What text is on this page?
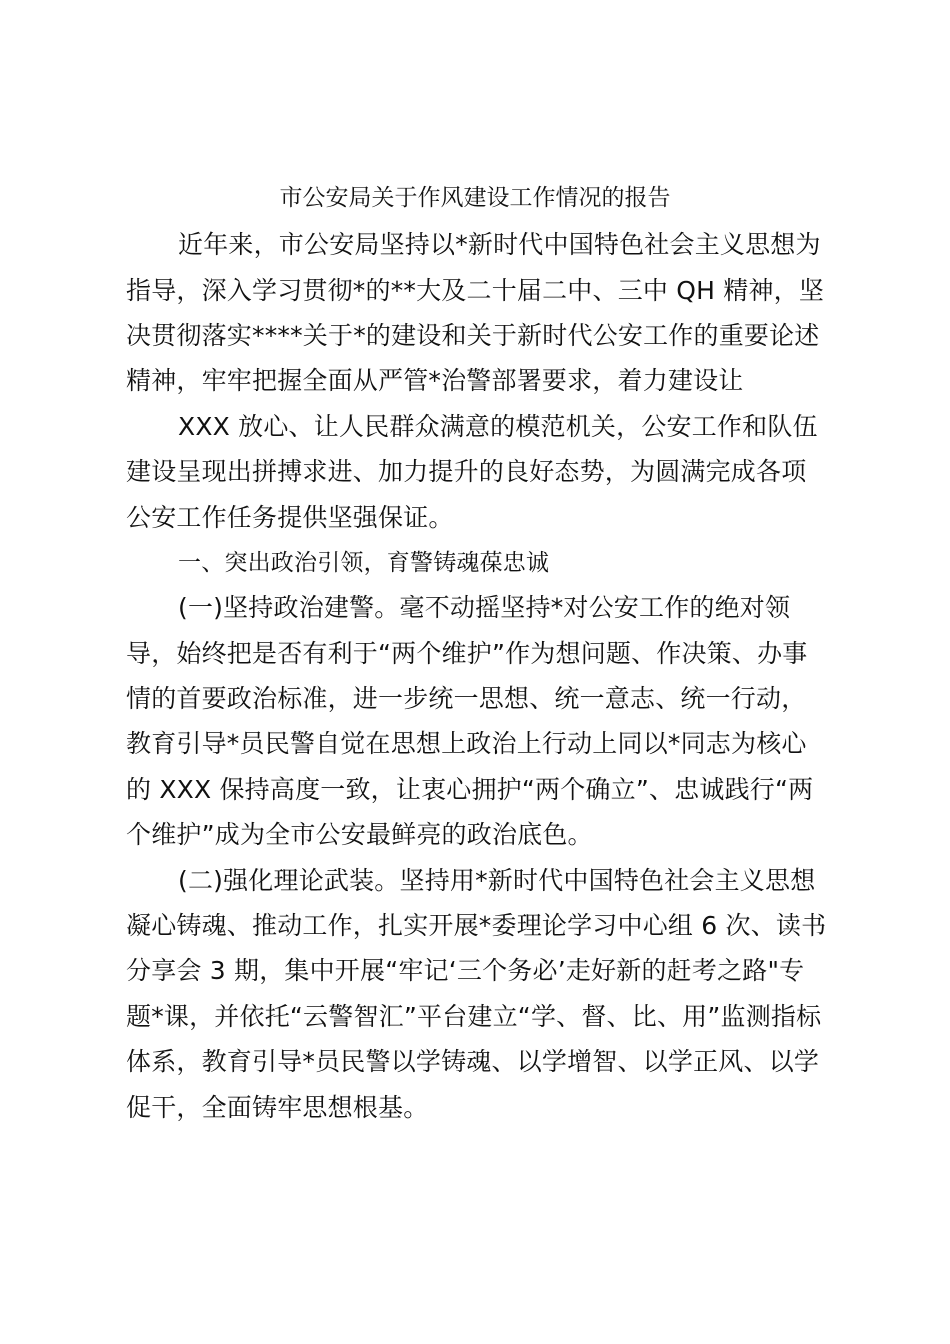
市公安局关于作风建设工作情况的报告
近年来，市公安局坚持以*新时代中国特色社会主义思想为
指导，深入学习贯彻*的**大及二十届二中、三中 QH 精神，坚
决贯彻落实****关于*的建设和关于新时代公安工作的重要论述
精神，牢牢把握全面从严管*治警部署要求，着力建设让
XXX 放心、让人民群众满意的模范机关，公安工作和队伍
建设呈现出拼搏求进、加力提升的良好态势，为圆满完成各项
公安工作任务提供坚强保证。
一、突出政治引领，育警铸魂葆忠诚
(一)坚持政治建警。毫不动摇坚持*对公安工作的绝对领
导，始终把是否有利于“两个维护”作为想问题、作决策、办事
情的首要政治标准，进一步统一思想、统一意志、统一行动，
教育引导*员民警自觉在思想上政治上行动上同以*同志为核心
的 XXX 保持高度一致，让衷心拥护“两个确立”、忠诚践行“两
个维护”成为全市公安最鲜亮的政治底色。
(二)强化理论武装。坚持用*新时代中国特色社会主义思想
凝心铸魂、推动工作，扎实开展*委理论学习中心组 6 次、读书
分享会 3 期，集中开展“牢记‘三个务必’走好新的赶考之路"专
题*课，并依托“云警智汇”平台建立“学、督、比、用”监测指标
体系，教育引导*员民警以学铸魂、以学增智、以学正风、以学
促干，全面铸牢思想根基。
